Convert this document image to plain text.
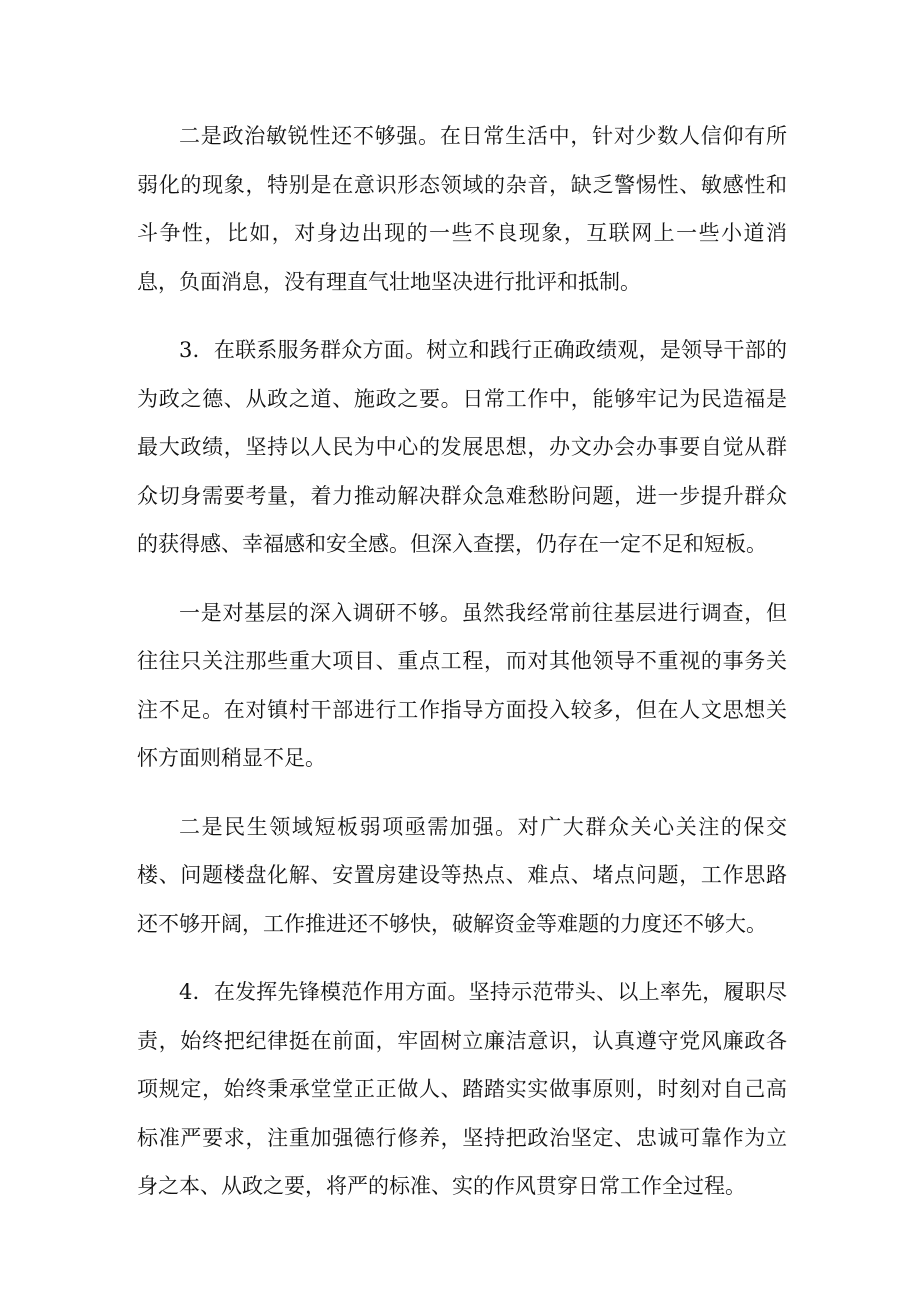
二是政治敏锐性还不够强。在日常生活中，针对少数人信仰有所弱化的现象，特别是在意识形态领域的杂音，缺乏警惕性、敏感性和斗争性，比如，对身边出现的一些不良现象，互联网上一些小道消息，负面消息，没有理直气壮地坚决进行批评和抵制。

3．在联系服务群众方面。树立和践行正确政绩观，是领导干部的为政之德、从政之道、施政之要。日常工作中，能够牢记为民造福是最大政绩，坚持以人民为中心的发展思想，办文办会办事要自觉从群众切身需要考量，着力推动解决群众急难愁盼问题，进一步提升群众的获得感、幸福感和安全感。但深入查摆，仍存在一定不足和短板。

一是对基层的深入调研不够。虽然我经常前往基层进行调查，但往往只关注那些重大项目、重点工程，而对其他领导不重视的事务关注不足。在对镇村干部进行工作指导方面投入较多，但在人文思想关怀方面则稍显不足。

二是民生领域短板弱项亟需加强。对广大群众关心关注的保交楼、问题楼盘化解、安置房建设等热点、难点、堵点问题，工作思路还不够开阔，工作推进还不够快，破解资金等难题的力度还不够大。

4．在发挥先锋模范作用方面。坚持示范带头、以上率先，履职尽责，始终把纪律挺在前面，牢固树立廉洁意识，认真遵守党风廉政各项规定，始终秉承堂堂正正做人、踏踏实实做事原则，时刻对自己高标准严要求，注重加强德行修养，坚持把政治坚定、忠诚可靠作为立身之本、从政之要，将严的标准、实的作风贯穿日常工作全过程。
